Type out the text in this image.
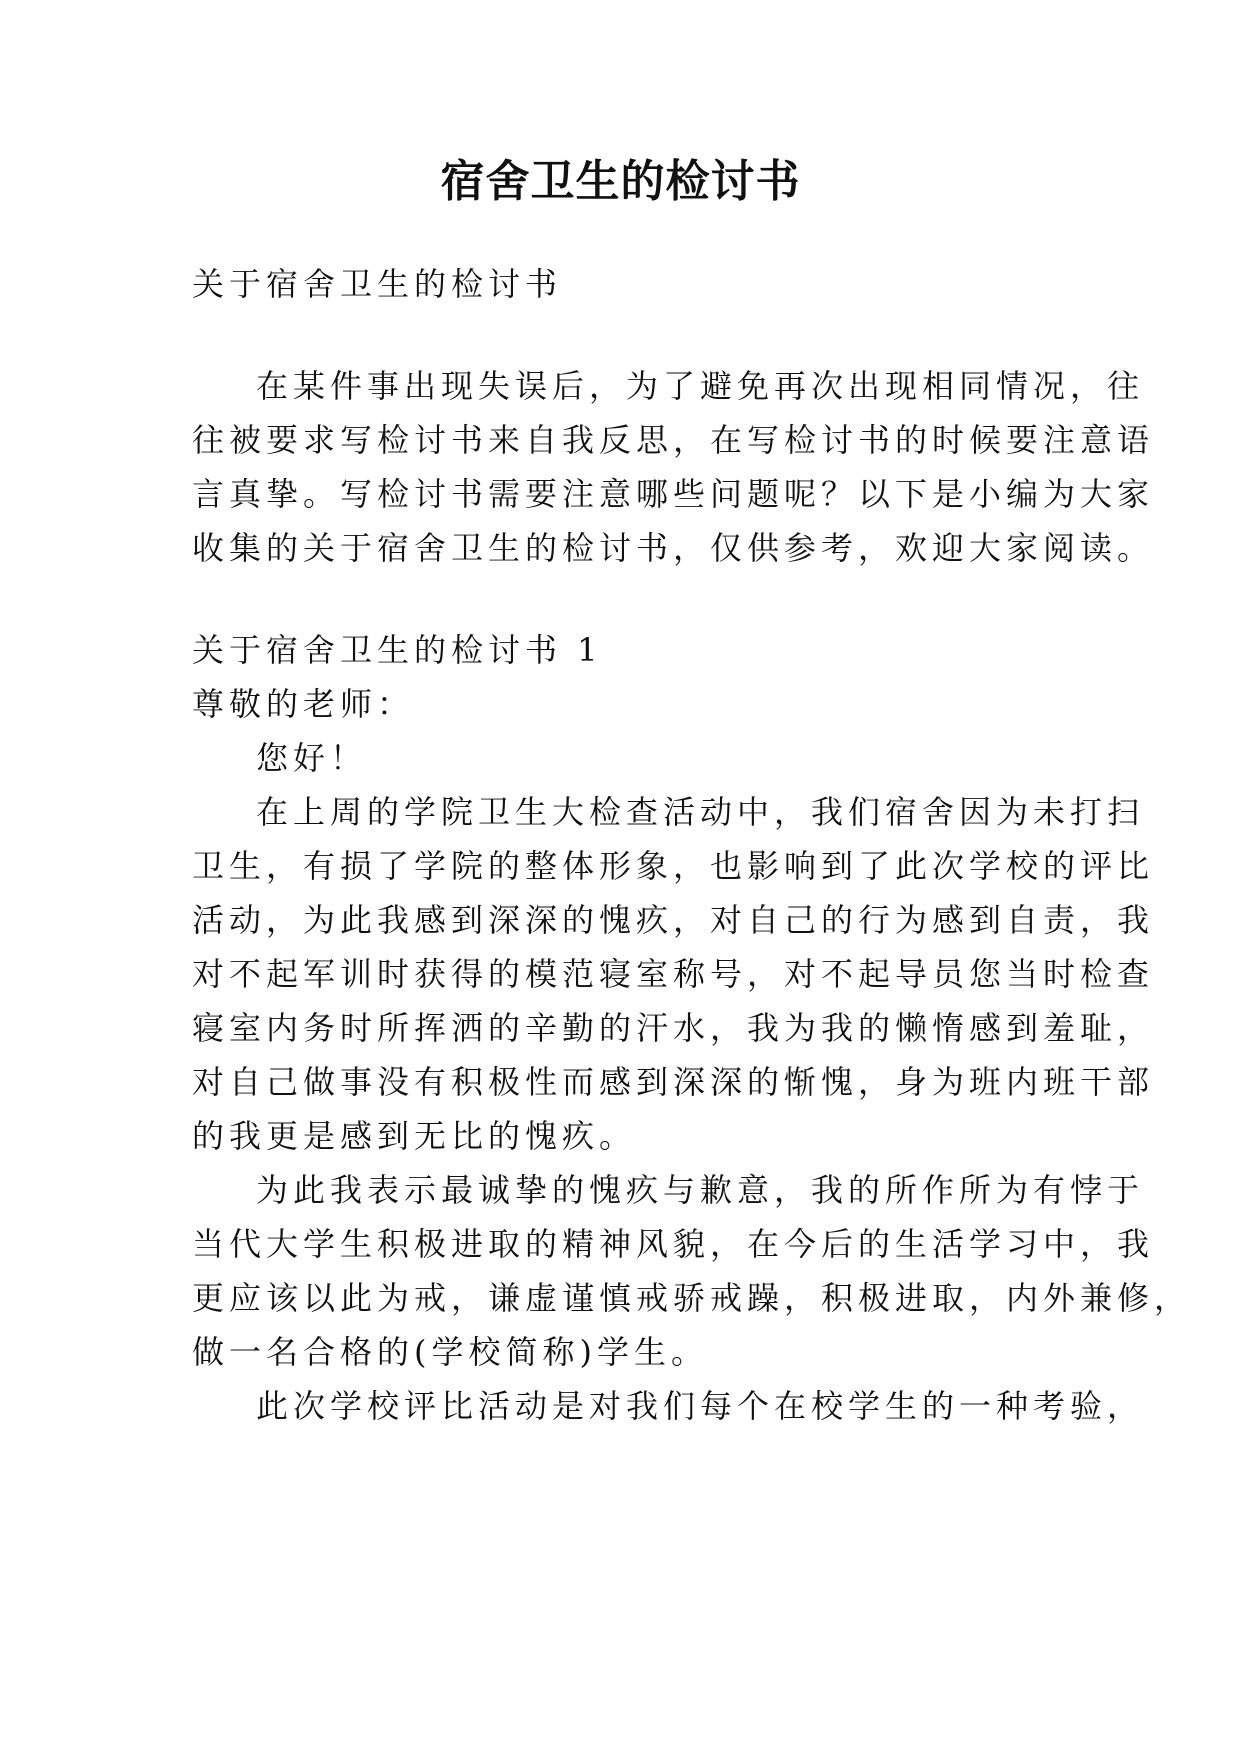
宿舍卫生的检讨书
关于宿舍卫生的检讨书
在某件事出现失误后，为了避免再次出现相同情况，往
往被要求写检讨书来自我反思，在写检讨书的时候要注意语
言真挚。写检讨书需要注意哪些问题呢？以下是小编为大家
收集的关于宿舍卫生的检讨书，仅供参考，欢迎大家阅读。
关于宿舍卫生的检讨书 1
尊敬的老师：
您好！
在上周的学院卫生大检查活动中，我们宿舍因为未打扫
卫生，有损了学院的整体形象，也影响到了此次学校的评比
活动，为此我感到深深的愧疚，对自己的行为感到自责，我
对不起军训时获得的模范寝室称号，对不起导员您当时检查
寝室内务时所挥洒的辛勤的汗水，我为我的懒惰感到羞耻，
对自己做事没有积极性而感到深深的惭愧，身为班内班干部
的我更是感到无比的愧疚。
为此我表示最诚挚的愧疚与歉意，我的所作所为有悖于
当代大学生积极进取的精神风貌，在今后的生活学习中，我
更应该以此为戒，谦虚谨慎戒骄戒躁，积极进取，内外兼修，
做一名合格的(学校简称)学生。
此次学校评比活动是对我们每个在校学生的一种考验，
